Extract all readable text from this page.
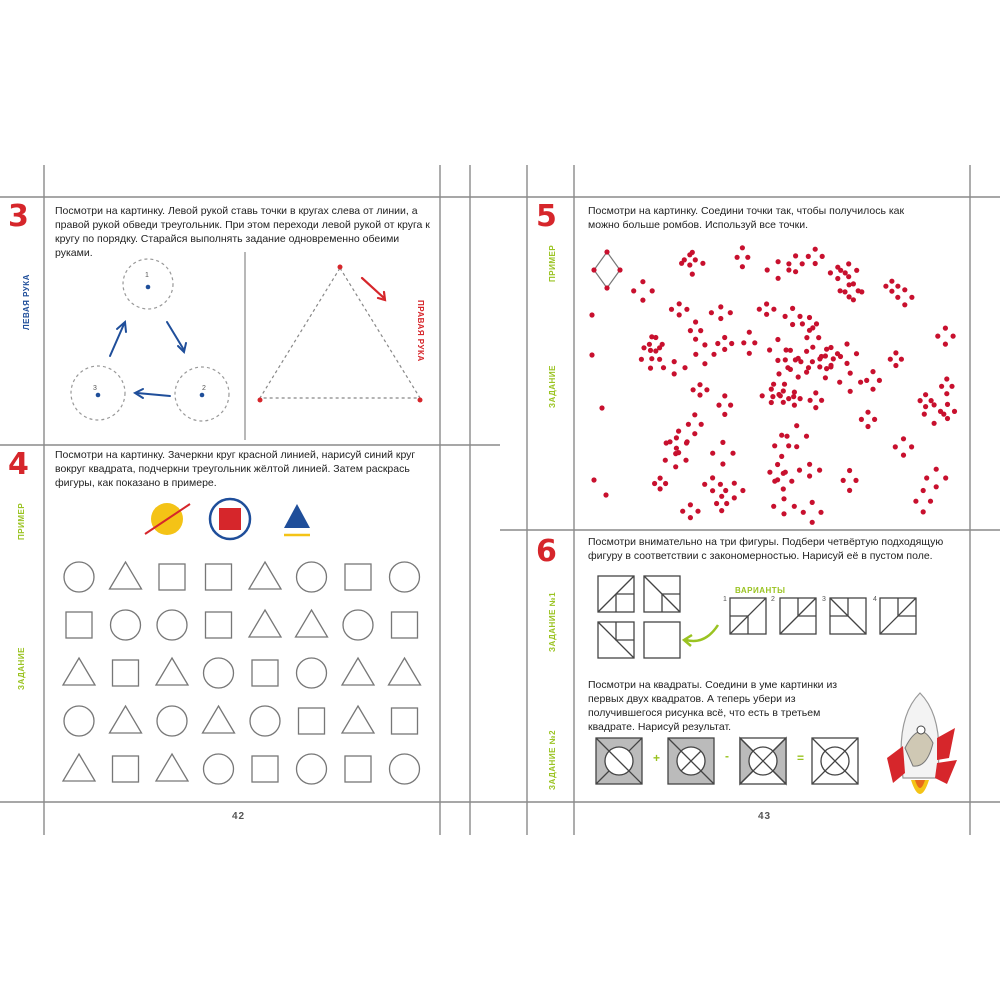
3	Посмотри на картинку. Левой рукой ставь точки в кругах слева от линии, а правой рукой обведи треугольник. При этом переходи левой рукой от круга к кругу по порядку. Старайся выполнять задание одновременно обеими руками.
ЛЕВАЯ РУКА	ПРАВАЯ РУКА
1
2
3
4	Посмотри на картинку. Зачеркни круг красной линией, нарисуй синий круг вокруг квадрата, подчеркни треугольник жёлтой линией. Затем раскрась фигуры, как показано в примере.
ПРИМЕР
ЗАДАНИЕ
42
5	Посмотри на картинку. Соедини точки так, чтобы получилось как можно больше ромбов. Используй все точки.
ПРИМЕР
ЗАДАНИЕ
6	Посмотри внимательно на три фигуры. Подбери четвёртую подходящую фигуру в соответствии с закономерностью. Нарисуй её в пустом поле.
ЗАДАНИЕ №1
ВАРИАНТЫ
1	2	3	4
Посмотри на квадраты. Соедини в уме картинки из первых двух квадратов. А теперь убери из получившегося рисунка всё, что есть в третьем квадрате. Нарисуй результат.
ЗАДАНИЕ №2	+	-	=
43
